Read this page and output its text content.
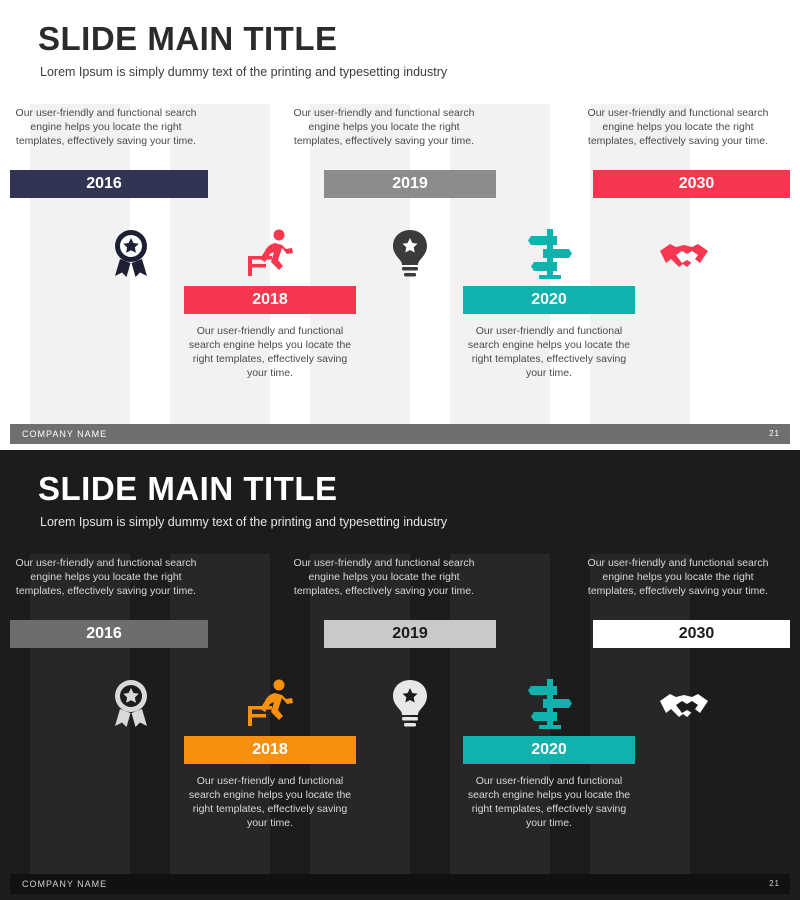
SLIDE MAIN TITLE
Lorem Ipsum is simply dummy text of the printing and typesetting industry
Our user-friendly and functional search engine helps you locate the right templates, effectively saving your time.
2016
2018
Our user-friendly and functional search engine helps you locate the right templates, effectively saving your time.
Our user-friendly and functional search engine helps you locate the right templates, effectively saving your time.
2019
2020
Our user-friendly and functional search engine helps you locate the right templates, effectively saving your time.
Our user-friendly and functional search engine helps you locate the right templates, effectively saving your time.
2030
COMPANY NAME	21
SLIDE MAIN TITLE
Lorem Ipsum is simply dummy text of the printing and typesetting industry
Our user-friendly and functional search engine helps you locate the right templates, effectively saving your time.
2016
2018
Our user-friendly and functional search engine helps you locate the right templates, effectively saving your time.
Our user-friendly and functional search engine helps you locate the right templates, effectively saving your time.
2019
2020
Our user-friendly and functional search engine helps you locate the right templates, effectively saving your time.
Our user-friendly and functional search engine helps you locate the right templates, effectively saving your time.
2030
COMPANY NAME	21
